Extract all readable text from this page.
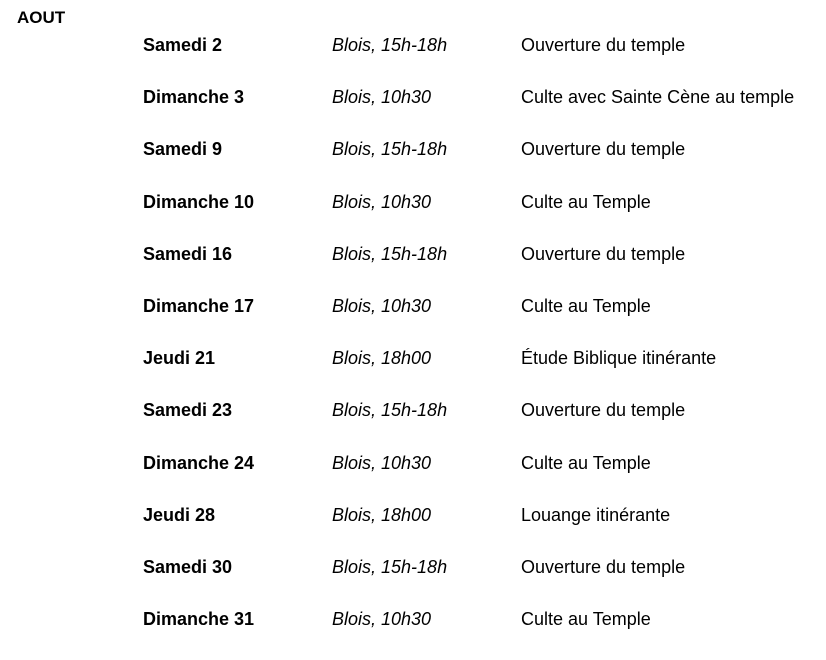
AOUT
Samedi 2	Blois, 15h-18h	Ouverture du temple
Dimanche 3	Blois, 10h30	Culte avec Sainte Cène au temple
Samedi 9	Blois, 15h-18h	Ouverture du temple
Dimanche 10	Blois, 10h30	Culte au Temple
Samedi 16	Blois, 15h-18h	Ouverture du temple
Dimanche 17	Blois, 10h30	Culte au Temple
Jeudi 21	Blois, 18h00	Étude Biblique itinérante
Samedi 23	Blois, 15h-18h	Ouverture du temple
Dimanche 24	Blois, 10h30	Culte au Temple
Jeudi 28	Blois, 18h00	Louange itinérante
Samedi 30	Blois, 15h-18h	Ouverture du temple
Dimanche 31	Blois, 10h30	Culte au Temple
